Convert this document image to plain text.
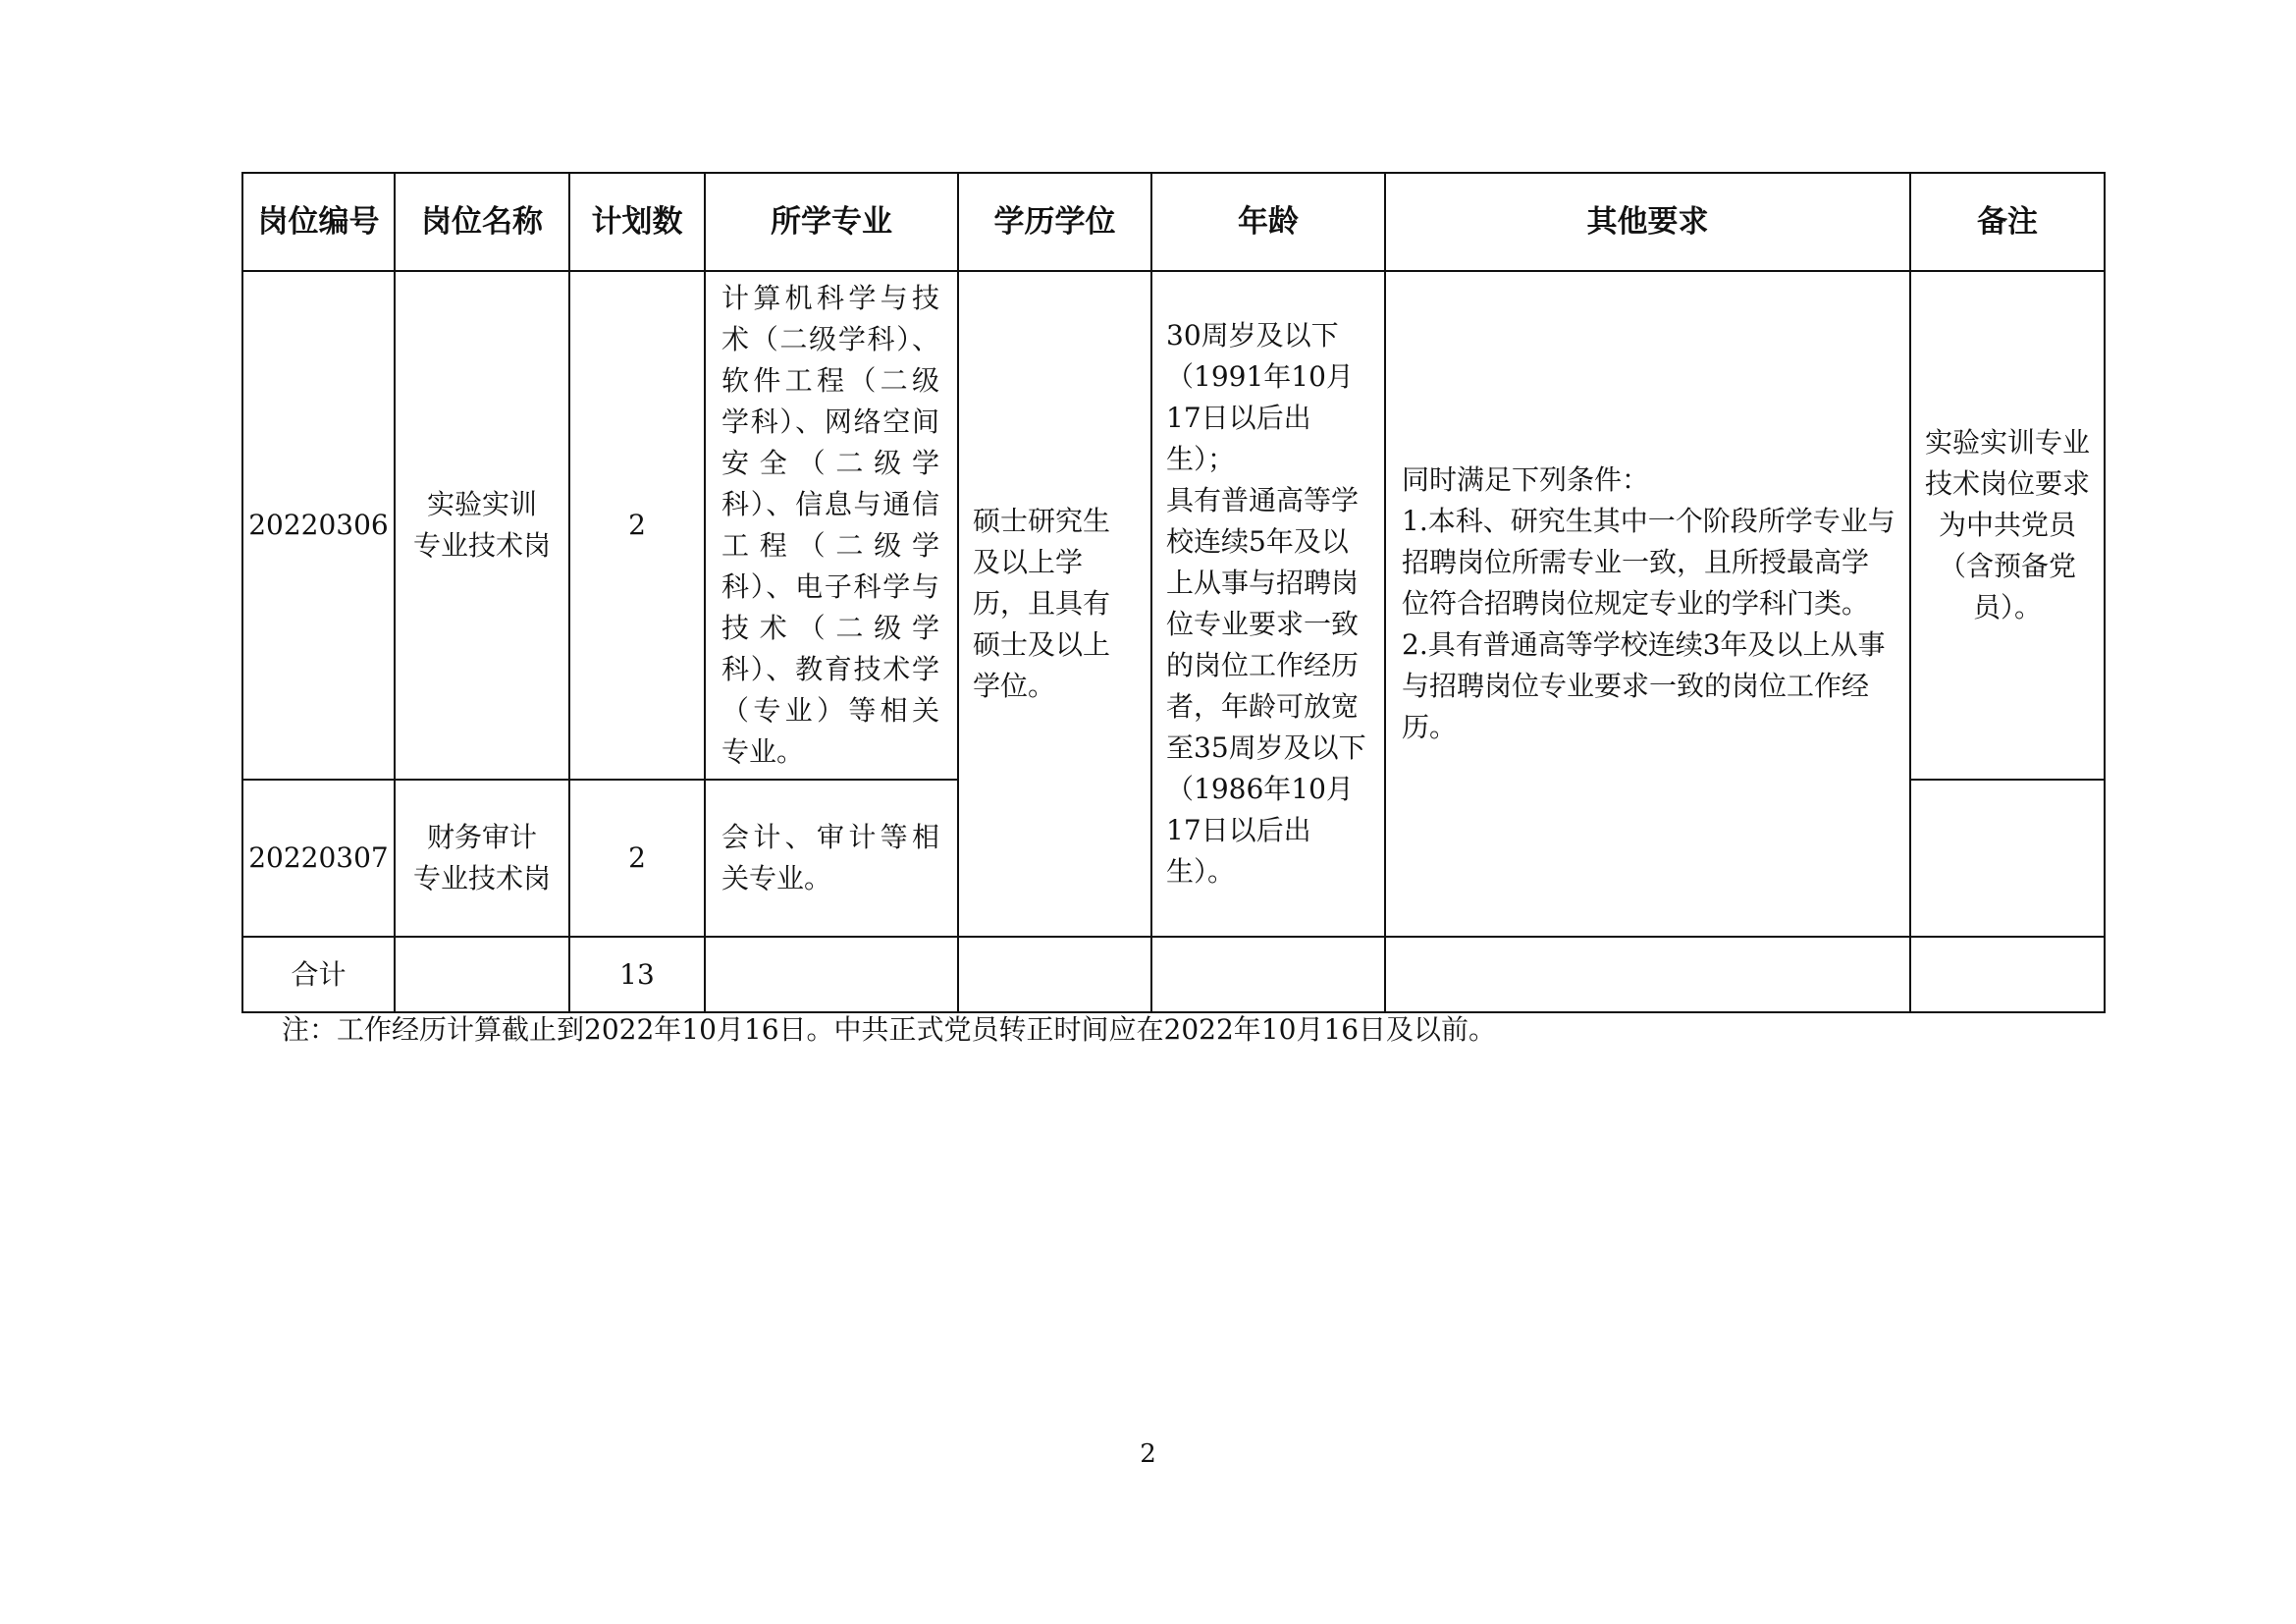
岗位编号	岗位名称	计划数	所学专业	学历学位	年龄	其他要求	备注
20220306	实验实训
专业技术岗	2	计算机科学与技术（二级学科）、软件工程（二级学科）、网络空间安全（二级学科）、信息与通信工程（二级学科）、电子科学与技术（二级学科）、教育技术学（专业）等相关专业。	硕士研究生及以上学历，且具有硕士及以上学位。	30周岁及以下（1991年10月17日以后出生）；
具有普通高等学校连续5年及以上从事与招聘岗位专业要求一致的岗位工作经历者，年龄可放宽至35周岁及以下（1986年10月17日以后出生）。	同时满足下列条件：
1.本科、研究生其中一个阶段所学专业与招聘岗位所需专业一致，且所授最高学位符合招聘岗位规定专业的学科门类。
2.具有普通高等学校连续3年及以上从事与招聘岗位专业要求一致的岗位工作经历。	实验实训专业技术岗位要求为中共党员（含预备党员）。
20220307	财务审计
专业技术岗	2	会计、审计等相关专业。				
合计		13					
注：工作经历计算截止到2022年10月16日。中共正式党员转正时间应在2022年10月16日及以前。
2
